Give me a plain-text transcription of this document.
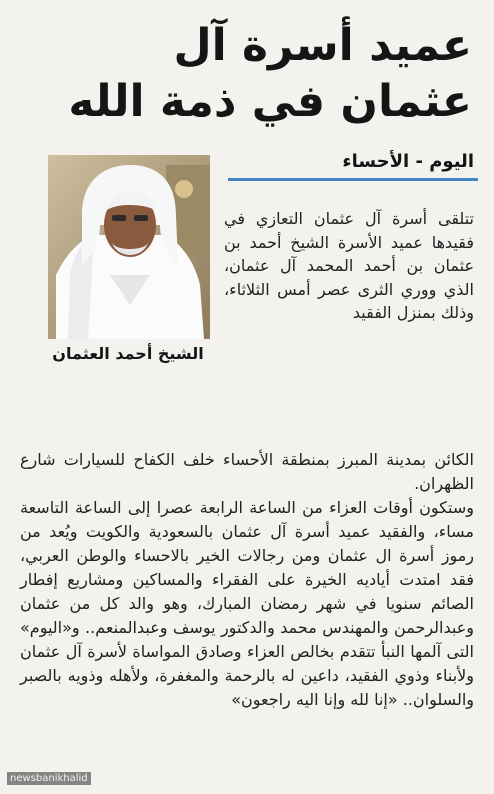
عميد أسرة آل عثمان في ذمة الله
اليوم - الأحساء
الشيخ أحمد العثمان

تتلقى أسرة آل عثمان التعازي في فقيدها عميد الأسرة الشيخ أحمد بن عثمان بن أحمد المحمد آل عثمان، الذي ووري الثرى عصر أمس الثلاثاء، وذلك بمنزل الفقيد

الكائن بمدينة المبرز بمنطقة الأحساء خلف الكفاح للسيارات شارع الظهران.

وستكون أوقات العزاء من الساعة الرابعة عصرا إلى الساعة التاسعة مساء، والفقيد عميد أسرة آل عثمان بالسعودية والكويت ويُعد من رموز أسرة ال عثمان ومن رجالات الخير بالاحساء والوطن العربي، فقد امتدت أياديه الخيرة على الفقراء والمساكين ومشاريع إفطار الصائم سنويا في شهر رمضان المبارك، وهو والد كل من عثمان وعبدالرحمن والمهندس محمد والدكتور يوسف وعبدالمنعم.. و«اليوم» التى آلمها النبأ تتقدم بخالص العزاء وصادق المواساة لأسرة آل عثمان ولأبناء وذوي الفقيد، داعين له بالرحمة والمغفرة، ولأهله وذويه بالصبر والسلوان.. «إنا لله وإنا اليه راجعون»

newsbanikhalid
